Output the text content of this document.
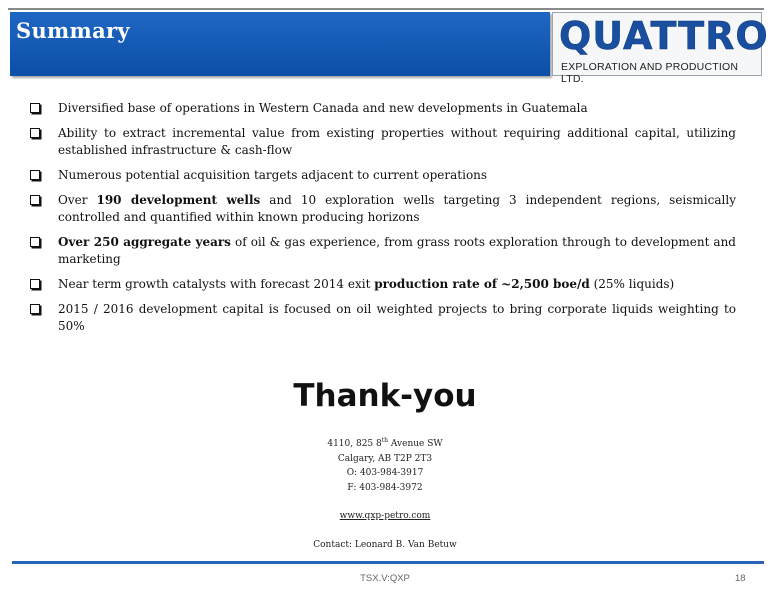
Summary	QUATTRO
EXPLORATION AND PRODUCTION LTD.
Diversified base of operations in Western Canada and new developments in Guatemala
Ability to extract incremental value from existing properties without requiring additional capital, utilizing established infrastructure & cash-flow
Numerous potential acquisition targets adjacent to current operations
Over 190 development wells and 10 exploration wells targeting 3 independent regions, seismically controlled and quantified within known producing horizons
Over 250 aggregate years of oil & gas experience, from grass roots exploration through to development and marketing
Near term growth catalysts with forecast 2014 exit production rate of ~2,500 boe/d (25% liquids)
2015 / 2016 development capital is focused on oil weighted projects to bring corporate liquids weighting to 50%
Thank-you
4110, 825 8th Avenue SW
Calgary, AB T2P 2T3
O: 403-984-3917
F: 403-984-3972
www.qxp-petro.com
Contact: Leonard B. Van Betuw
TSX.V:QXP	18
